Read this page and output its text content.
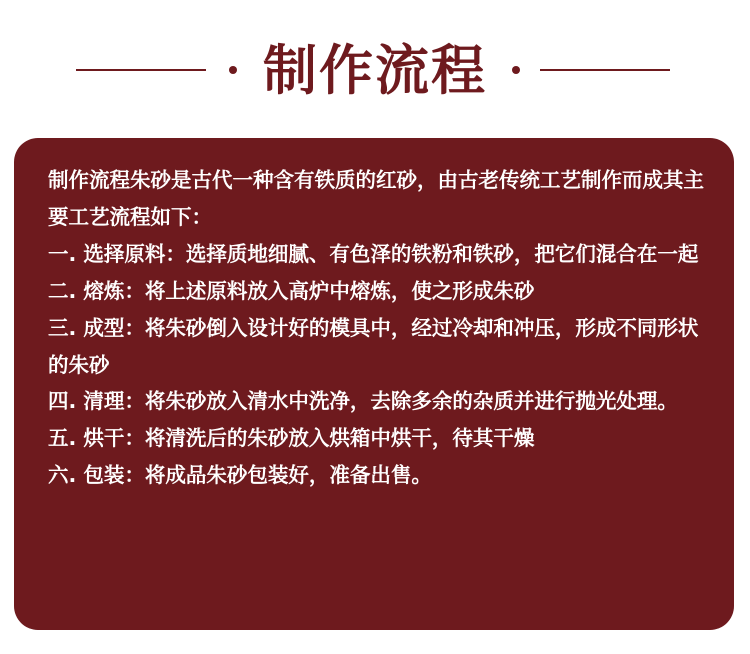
制作流程

制作流程朱砂是古代一种含有铁质的红砂，由古老传统工艺制作而成其主要工艺流程如下：

一. 选择原料：选择质地细腻、有色泽的铁粉和铁砂，把它们混合在一起

二. 熔炼：将上述原料放入高炉中熔炼，使之形成朱砂

三. 成型：将朱砂倒入设计好的模具中，经过冷却和冲压，形成不同形状的朱砂

四. 清理：将朱砂放入清水中洗净，去除多余的杂质并进行抛光处理。

五. 烘干：将清洗后的朱砂放入烘箱中烘干，待其干燥

六. 包装：将成品朱砂包装好，准备出售。
